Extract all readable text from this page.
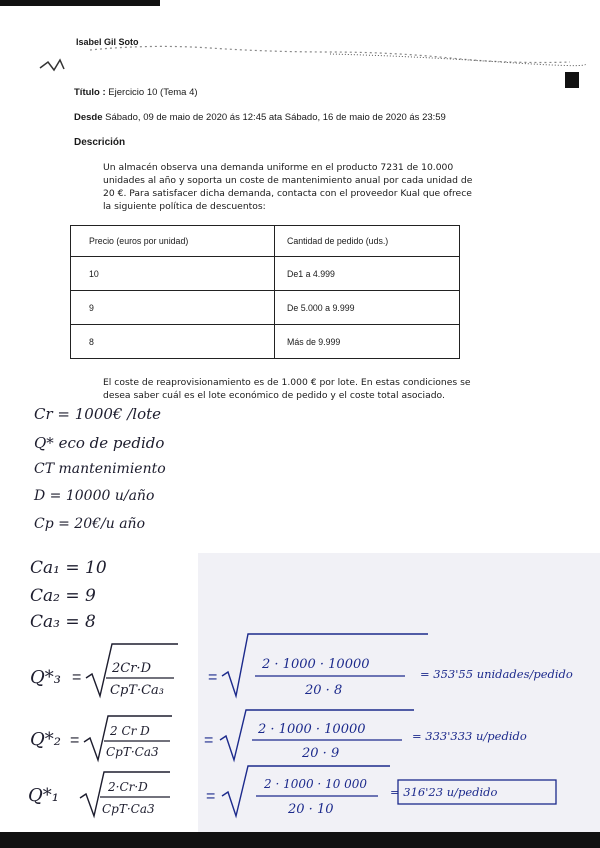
Isabel Gil Soto
Título : Ejercicio 10 (Tema 4)
Desde Sábado, 09 de maio de 2020 ás 12:45 ata Sábado, 16 de maio de 2020 ás 23:59
Descrición
Un almacén observa una demanda uniforme en el producto 7231 de 10.000 unidades al año y soporta un coste de mantenimiento anual por cada unidad de 20 €. Para satisfacer dicha demanda, contacta con el proveedor Kual que ofrece la siguiente política de descuentos:
Precio (euros por unidad)	Cantidad de pedido (uds.)
10	De1 a 4.999
9	De 5.000 a 9.999
8	Más de 9.999
El coste de reaprovisionamiento es de 1.000 € por lote. En estas condiciones se desea saber cuál es el lote económico de pedido y el coste total asociado.
Cr = 1000€ /lote
Q* eco de pedido
CT mantenimiento
D = 10000 u/año
Cp = 20€/u año
Ca₁ = 10
Ca₂ = 9
Ca₃ = 8
Q*₃ =
2Cr·D
CpT·Ca₃
=
2 · 1000 · 10000
20 · 8
= 353'55 unidades/pedido
Q*₂ =
2 Cr D
CpT·Ca3
=
2 · 1000 · 10000
20 · 9
= 333'333 u/pedido
Q*₁	2·Cr·D
CpT·Ca3
=
2 · 1000 · 10 000
20 · 10
= 316'23 u/pedido
